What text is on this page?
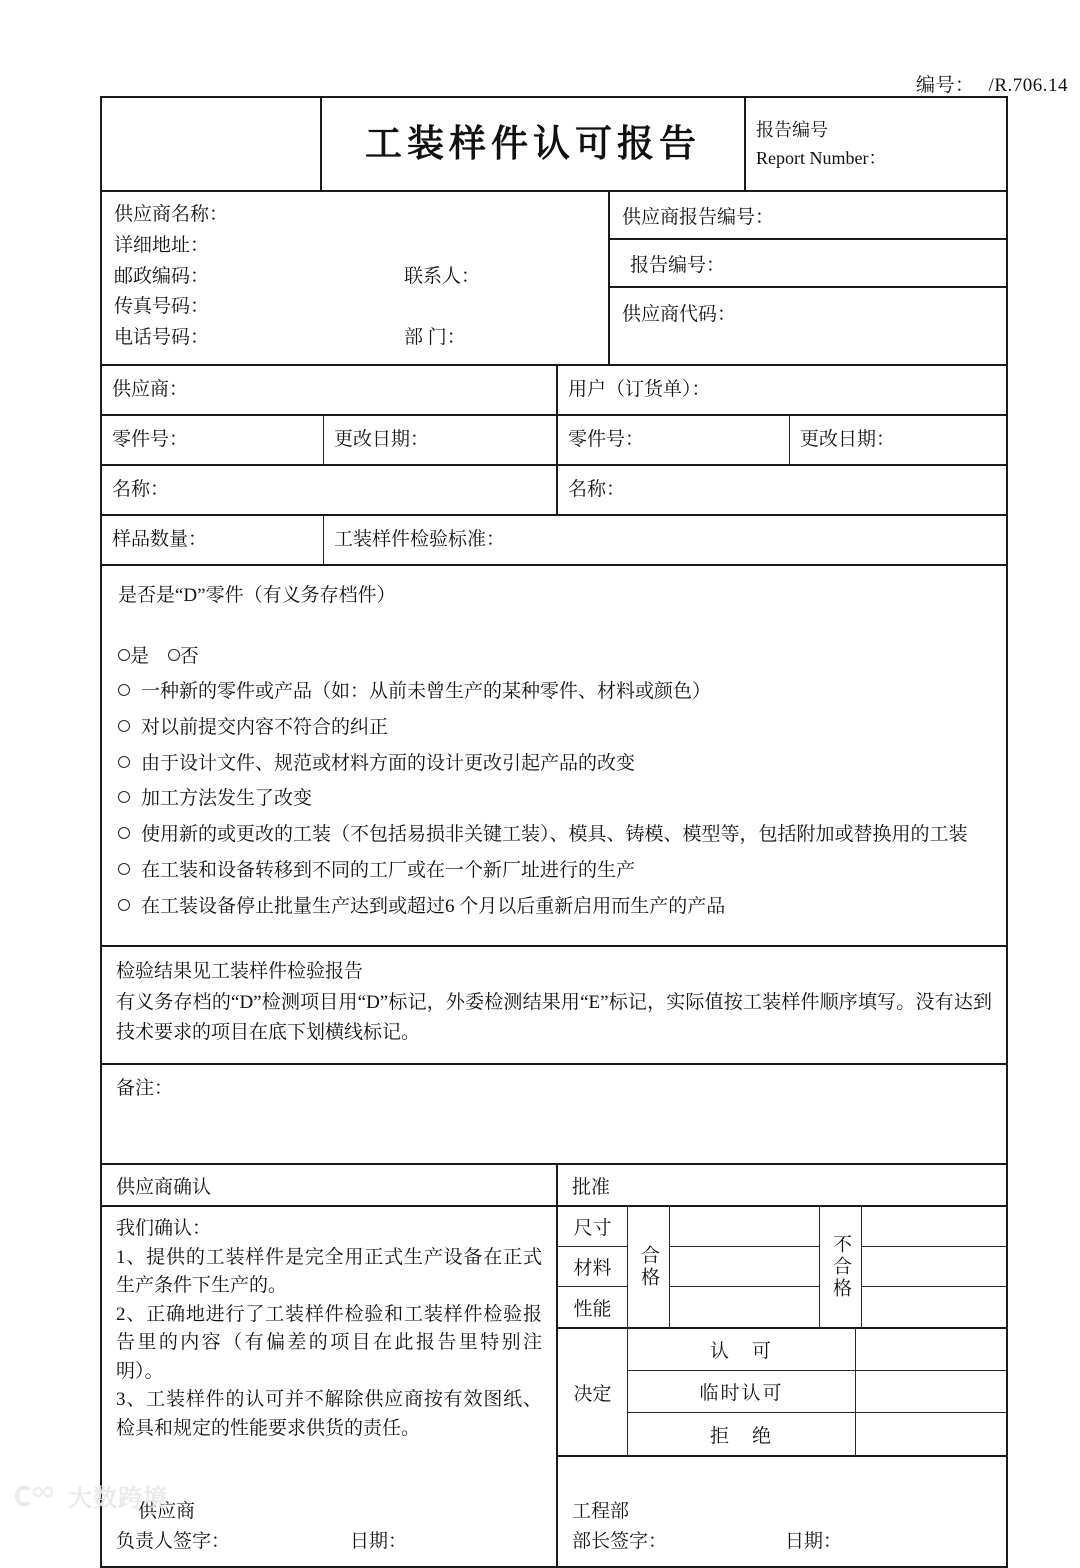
编号： /R.706.14
工装样件认可报告	报告编号
Report Number：
供应商名称：
详细地址：
邮政编码：	联系人：
传真号码：
电话号码：	部 门：
供应商报告编号：
报告编号：
供应商代码：
供应商：	用户（订货单）：
零件号：	更改日期：	零件号：	更改日期：
名称：	名称：
样品数量：	工装样件检验标准：
是否是“D”零件（有义务存档件）
是 否
一种新的零件或产品（如：从前未曾生产的某种零件、材料或颜色）
对以前提交内容不符合的纠正
由于设计文件、规范或材料方面的设计更改引起产品的改变
加工方法发生了改变
使用新的或更改的工装（不包括易损非关键工装）、模具、铸模、模型等，包括附加或替换用的工装
在工装和设备转移到不同的工厂或在一个新厂址进行的生产
在工装设备停止批量生产达到或超过6 个月以后重新启用而生产的产品
检验结果见工装样件检验报告
有义务存档的“D”检测项目用“D”标记，外委检测结果用“E”标记，实际值按工装样件顺序填写。没有达到技术要求的项目在底下划横线标记。
备注：
供应商确认
我们确认：
1、提供的工装样件是完全用正式生产设备在正式生产条件下生产的。
2、正确地进行了工装样件检验和工装样件检验报告里的内容（有偏差的项目在此报告里特别注明）。
3、工装样件的认可并不解除供应商按有效图纸、检具和规定的性能要求供货的责任。
供应商
负责人签字：	日期：
批准
尺寸
材料
性能
合格	不合格
决定
认　可
临时认可
拒　绝
工程部
部长签字：	日期：
大数跨境
